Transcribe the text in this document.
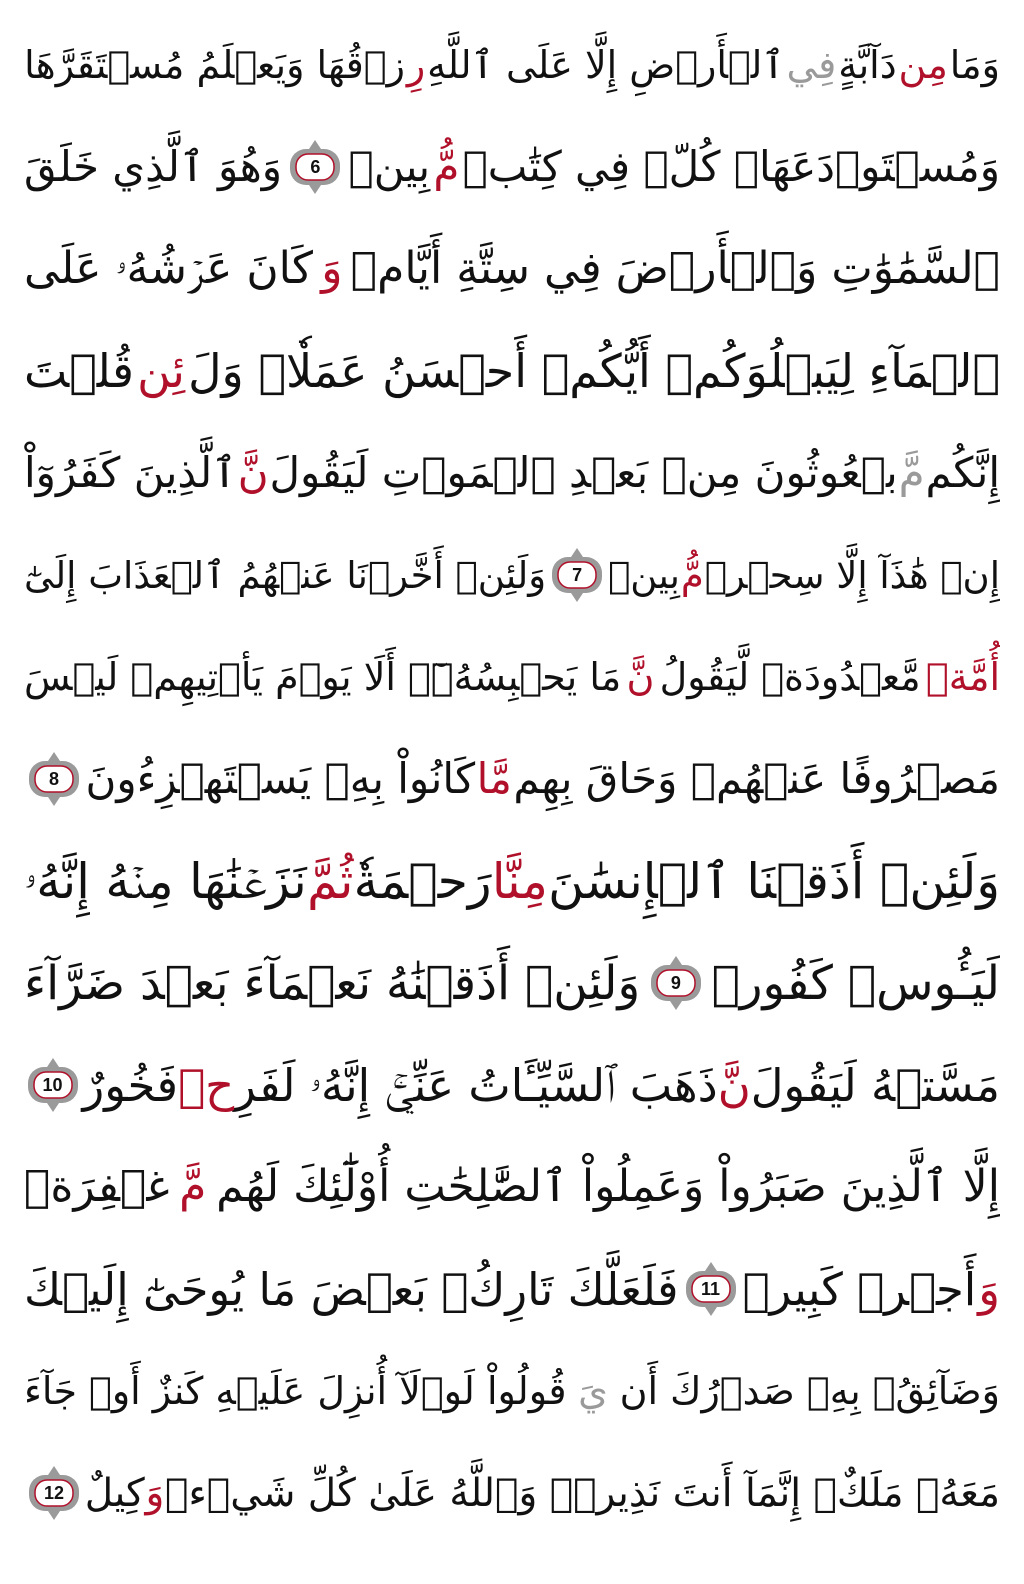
وَمَا
مِن
دَآبَّةٍ
فِي
ٱلۡأَرۡضِ إِلَّا عَلَى ٱللَّهِ
رِ
زۡقُهَا وَيَعۡلَمُ مُسۡتَقَرَّهَا
وَمُسۡتَوۡدَعَهَاۚ كُلّٞ فِي كِتَٰبٖ
مُّ
بِينٖ
6
وَهُوَ ٱلَّذِي خَلَقَ
ٱلسَّمَٰوَٰتِ وَٱلۡأَرۡضَ فِي سِتَّةِ أَيَّامٖ
وَ
كَانَ عَرۡشُهُۥ عَلَى
ٱلۡمَآءِ لِيَبۡلُوَكُمۡ أَيُّكُمۡ أَحۡسَنُ عَمَلٗاۗ وَلَ
ئِن
قُلۡتَ
إِنَّكُم
مَّ
بۡعُوثُونَ مِنۢ بَعۡدِ ٱلۡمَوۡتِ لَيَقُولَ
نَّ
ٱلَّذِينَ كَفَرُوٓاْ
إِنۡ هَٰذَآ إِلَّا سِحۡرٞ
مُّ
بِينٞ
7
وَلَئِنۡ أَخَّرۡنَا عَنۡهُمُ ٱلۡعَذَابَ إِلَىٰٓ
أُمَّةٖ
مَّعۡدُودَةٖ لَّيَقُولُ
نَّ
مَا يَحۡبِسُهُۥٓۗ أَلَا يَوۡمَ يَأۡتِيهِمۡ لَيۡسَ
مَصۡرُوفًا عَنۡهُمۡ وَحَاقَ بِهِم
مَّا
كَانُواْ بِهِۦ يَسۡتَهۡزِءُونَ
8
وَلَئِنۡ أَذَقۡنَا ٱلۡإِنسَٰنَ
مِنَّا
رَحۡمَةٗ
ثُمَّ
نَزَعۡنَٰهَا مِنۡهُ إِنَّهُۥ
لَيَـُٔوسٞ كَفُورٞ
9
وَلَئِنۡ أَذَقۡنَٰهُ نَعۡمَآءَ بَعۡدَ ضَرَّآءَ
مَسَّتۡهُ لَيَقُولَ
نَّ
ذَهَبَ ٱلسَّيِّـَٔاتُ عَنِّيٓۚ إِنَّهُۥ لَفَرِ
حٞ
فَخُورٌ
10
إِلَّا ٱلَّذِينَ صَبَرُواْ وَعَمِلُواْ ٱلصَّٰلِحَٰتِ أُوْلَٰٓئِكَ لَهُم
مَّ
غۡفِرَةٞ
وَ
أَجۡرٞ كَبِيرٞ
11
فَلَعَلَّكَ تَارِكُۢ بَعۡضَ مَا يُوحَىٰٓ إِلَيۡكَ
وَضَآئِقُۢ بِهِۦ صَدۡرُكَ أَن
يَ
قُولُواْ لَوۡلَآ أُنزِلَ عَلَيۡهِ كَنزٌ أَوۡ جَآءَ
مَعَهُۥ مَلَكٌۚ إِنَّمَآ أَنتَ نَذِيرٞۚ وَٱللَّهُ عَلَىٰ كُلِّ شَيۡءٖ
وَ
كِيلٌ
12
